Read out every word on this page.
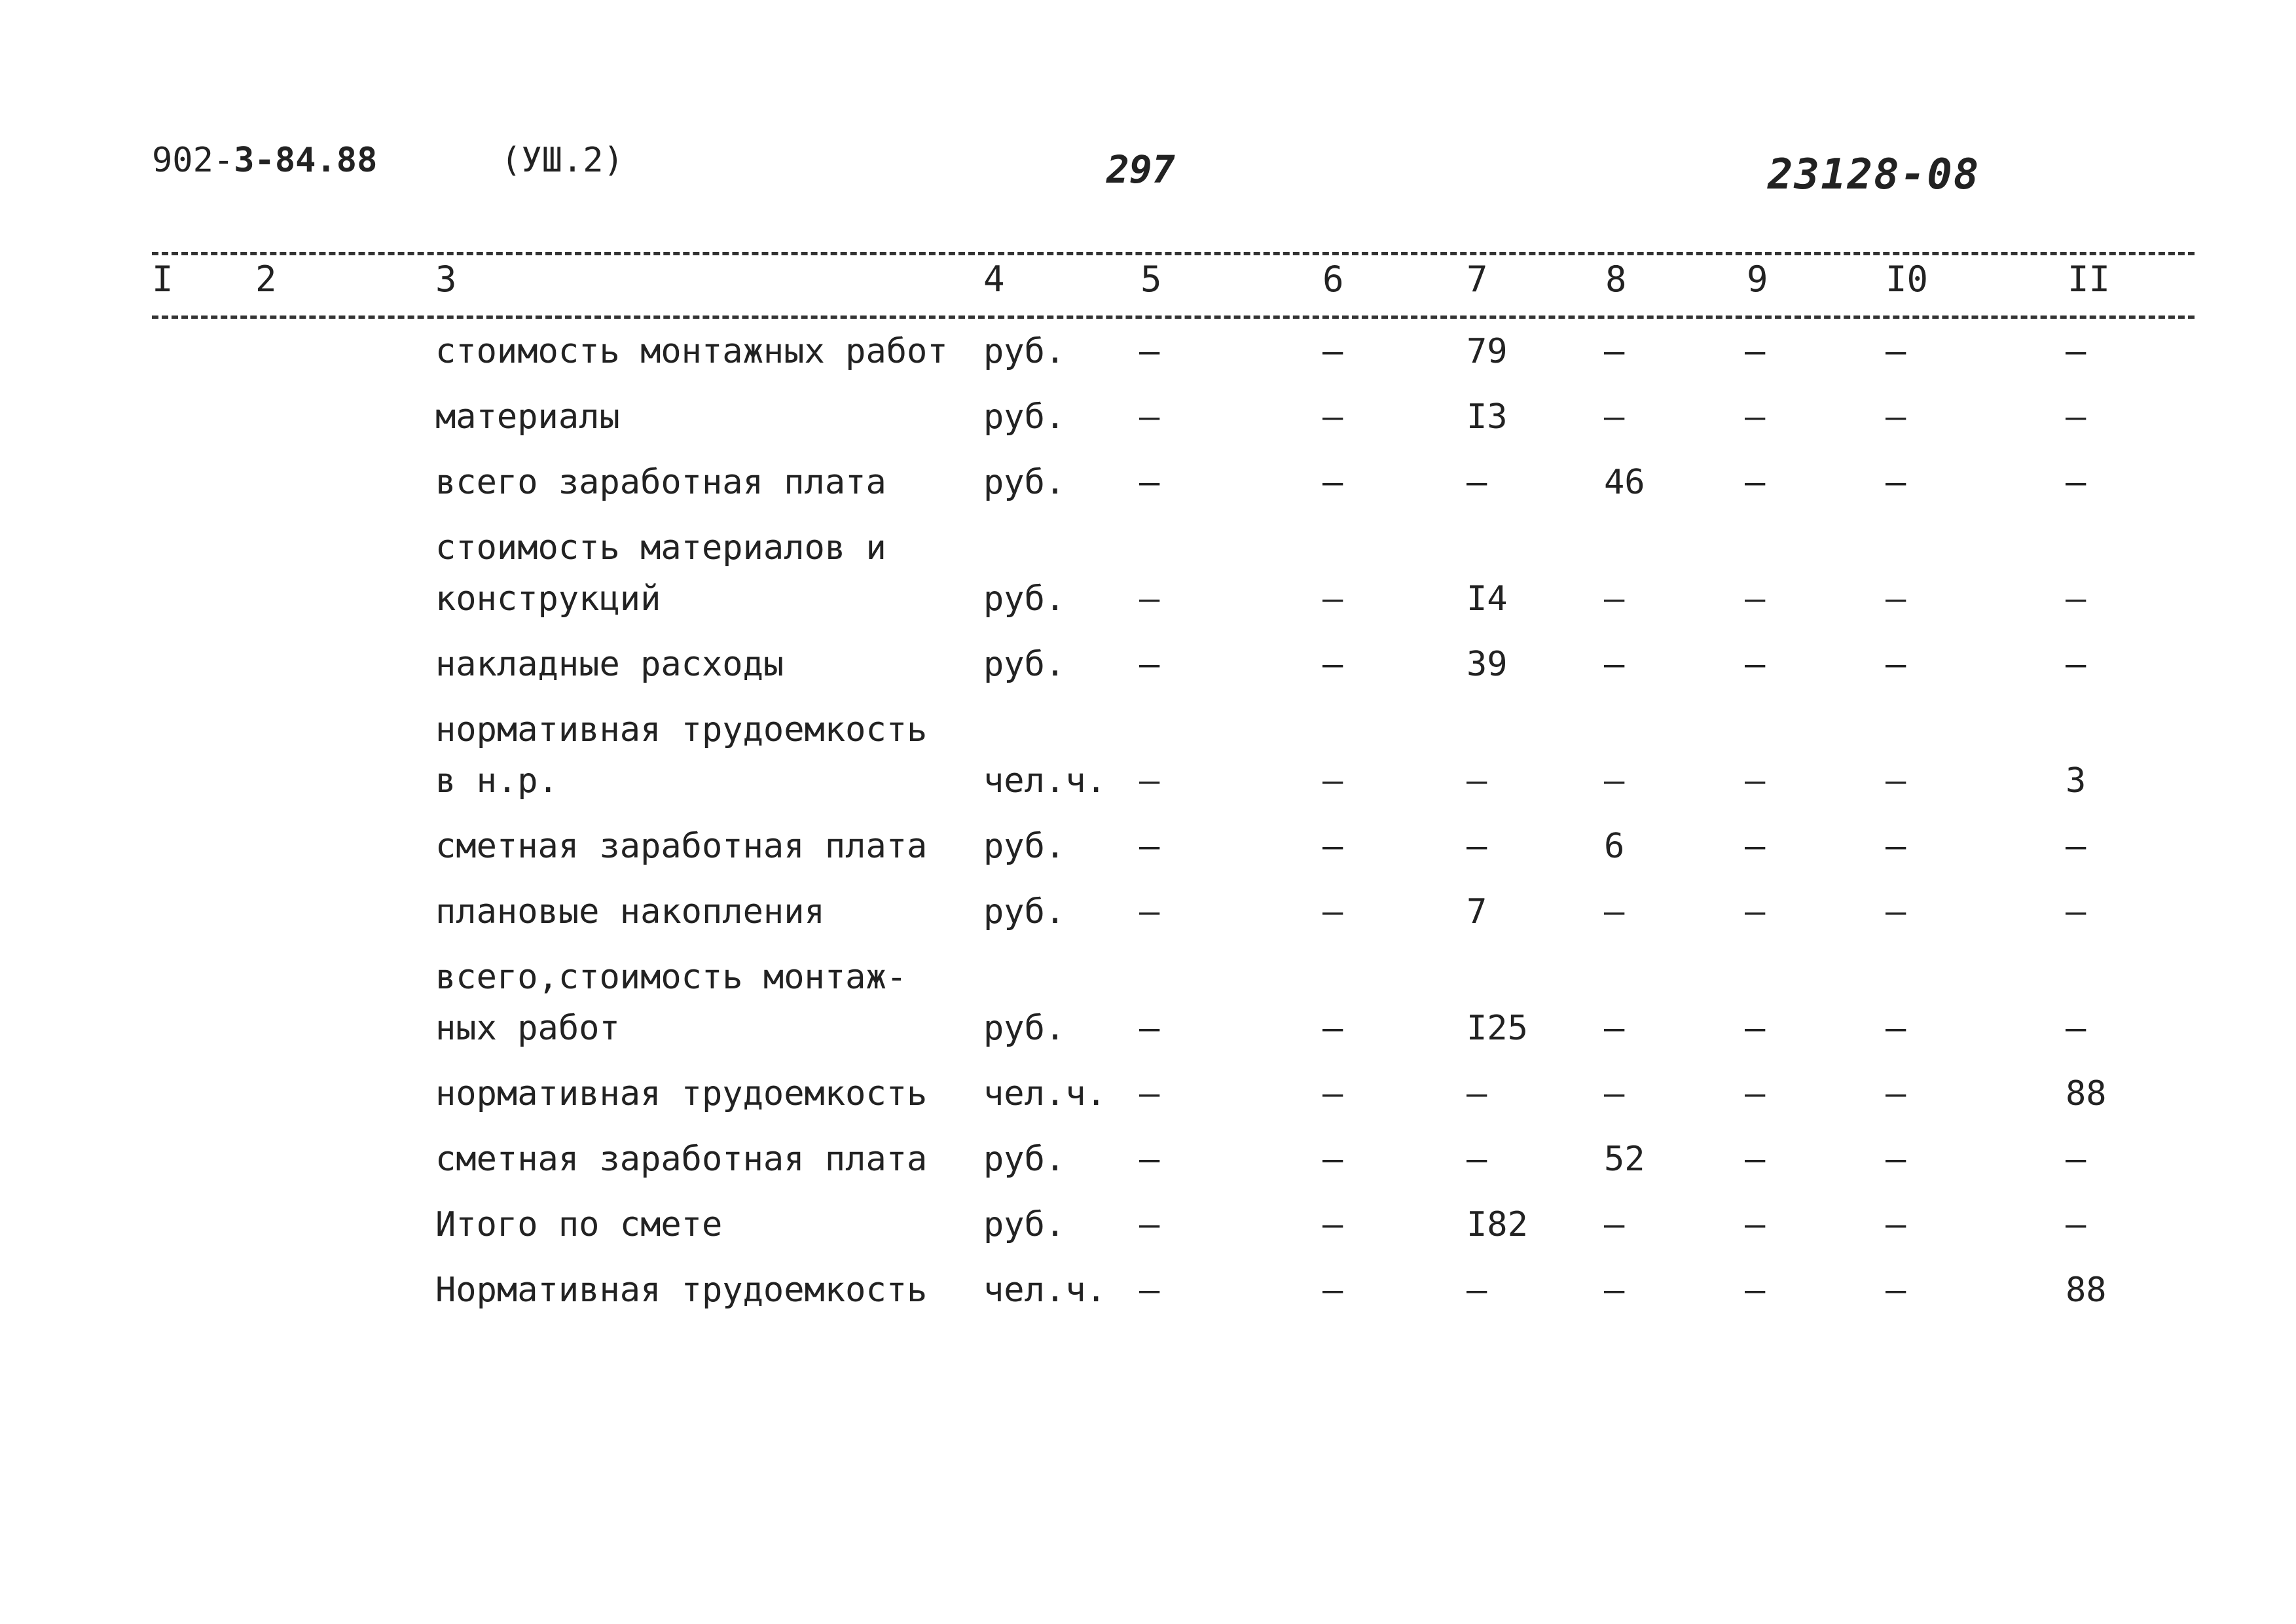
902-3-84.88	(УШ.2)	297	23128-08
I 2	3	4	5	6	7	8	9	I0	II
стоимость монтажных работ руб. –	–	79	–	–	–	–
материалы	руб. –	–	I3	–	–	–	–
всего заработная плата	руб. –	–	–	46	–	–	–
стоимость материалов и
конструкций	руб. –	–	I4	–	–	–	–
накладные расходы	руб. –	–	39	–	–	–	–
нормативная трудоемкость
в н.р.	чел.ч. –	–	–	–	–	–	3
сметная заработная плата руб. –	–	–	6	–	–	–
плановые накопления	руб. –	–	7	–	–	–	–
всего,стоимость монтаж-
ных работ	руб. –	–	I25 –	–	–	–
нормативная трудоемкость чел.ч. –	–	–	–	–	–	88
сметная заработная плата руб. –	–	–	52	–	–	–
Итого по смете	руб. –	–	I82 –	–	–	–
Нормативная трудоемкость чел.ч. –	–	–	–	–	–	88
